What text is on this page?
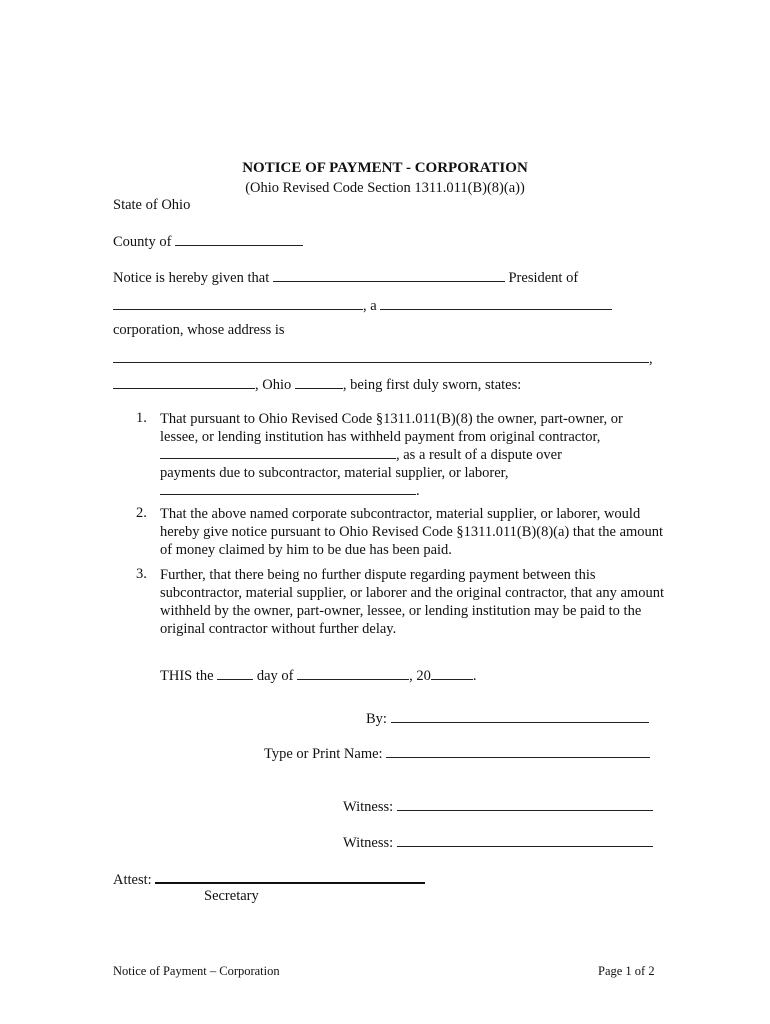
NOTICE OF PAYMENT - CORPORATION
(Ohio Revised Code Section 1311.011(B)(8)(a))
State of Ohio
County of
Notice is hereby given that	President of
, a
corporation, whose address is
,
, Ohio	, being first duly sworn, states:
1. That pursuant to Ohio Revised Code §1311.011(B)(8) the owner, part-owner, or
lessee, or lending institution has withheld payment from original contractor,
, as a result of a dispute over
payments due to subcontractor, material supplier, or laborer,
.
2. That the above named corporate subcontractor, material supplier, or laborer, would hereby give notice pursuant to Ohio Revised Code §1311.011(B)(8)(a) that the amount of money claimed by him to be due has been paid.
3. Further, that there being no further dispute regarding payment between this subcontractor, material supplier, or laborer and the original contractor, that any amount withheld by the owner, part-owner, lessee, or lending institution may be paid to the original contractor without further delay.
THIS the	day of	, 20	.
By:
Type or Print Name:
Witness:
Witness:
Attest:
Secretary
Notice of Payment – Corporation	Page 1 of 2
